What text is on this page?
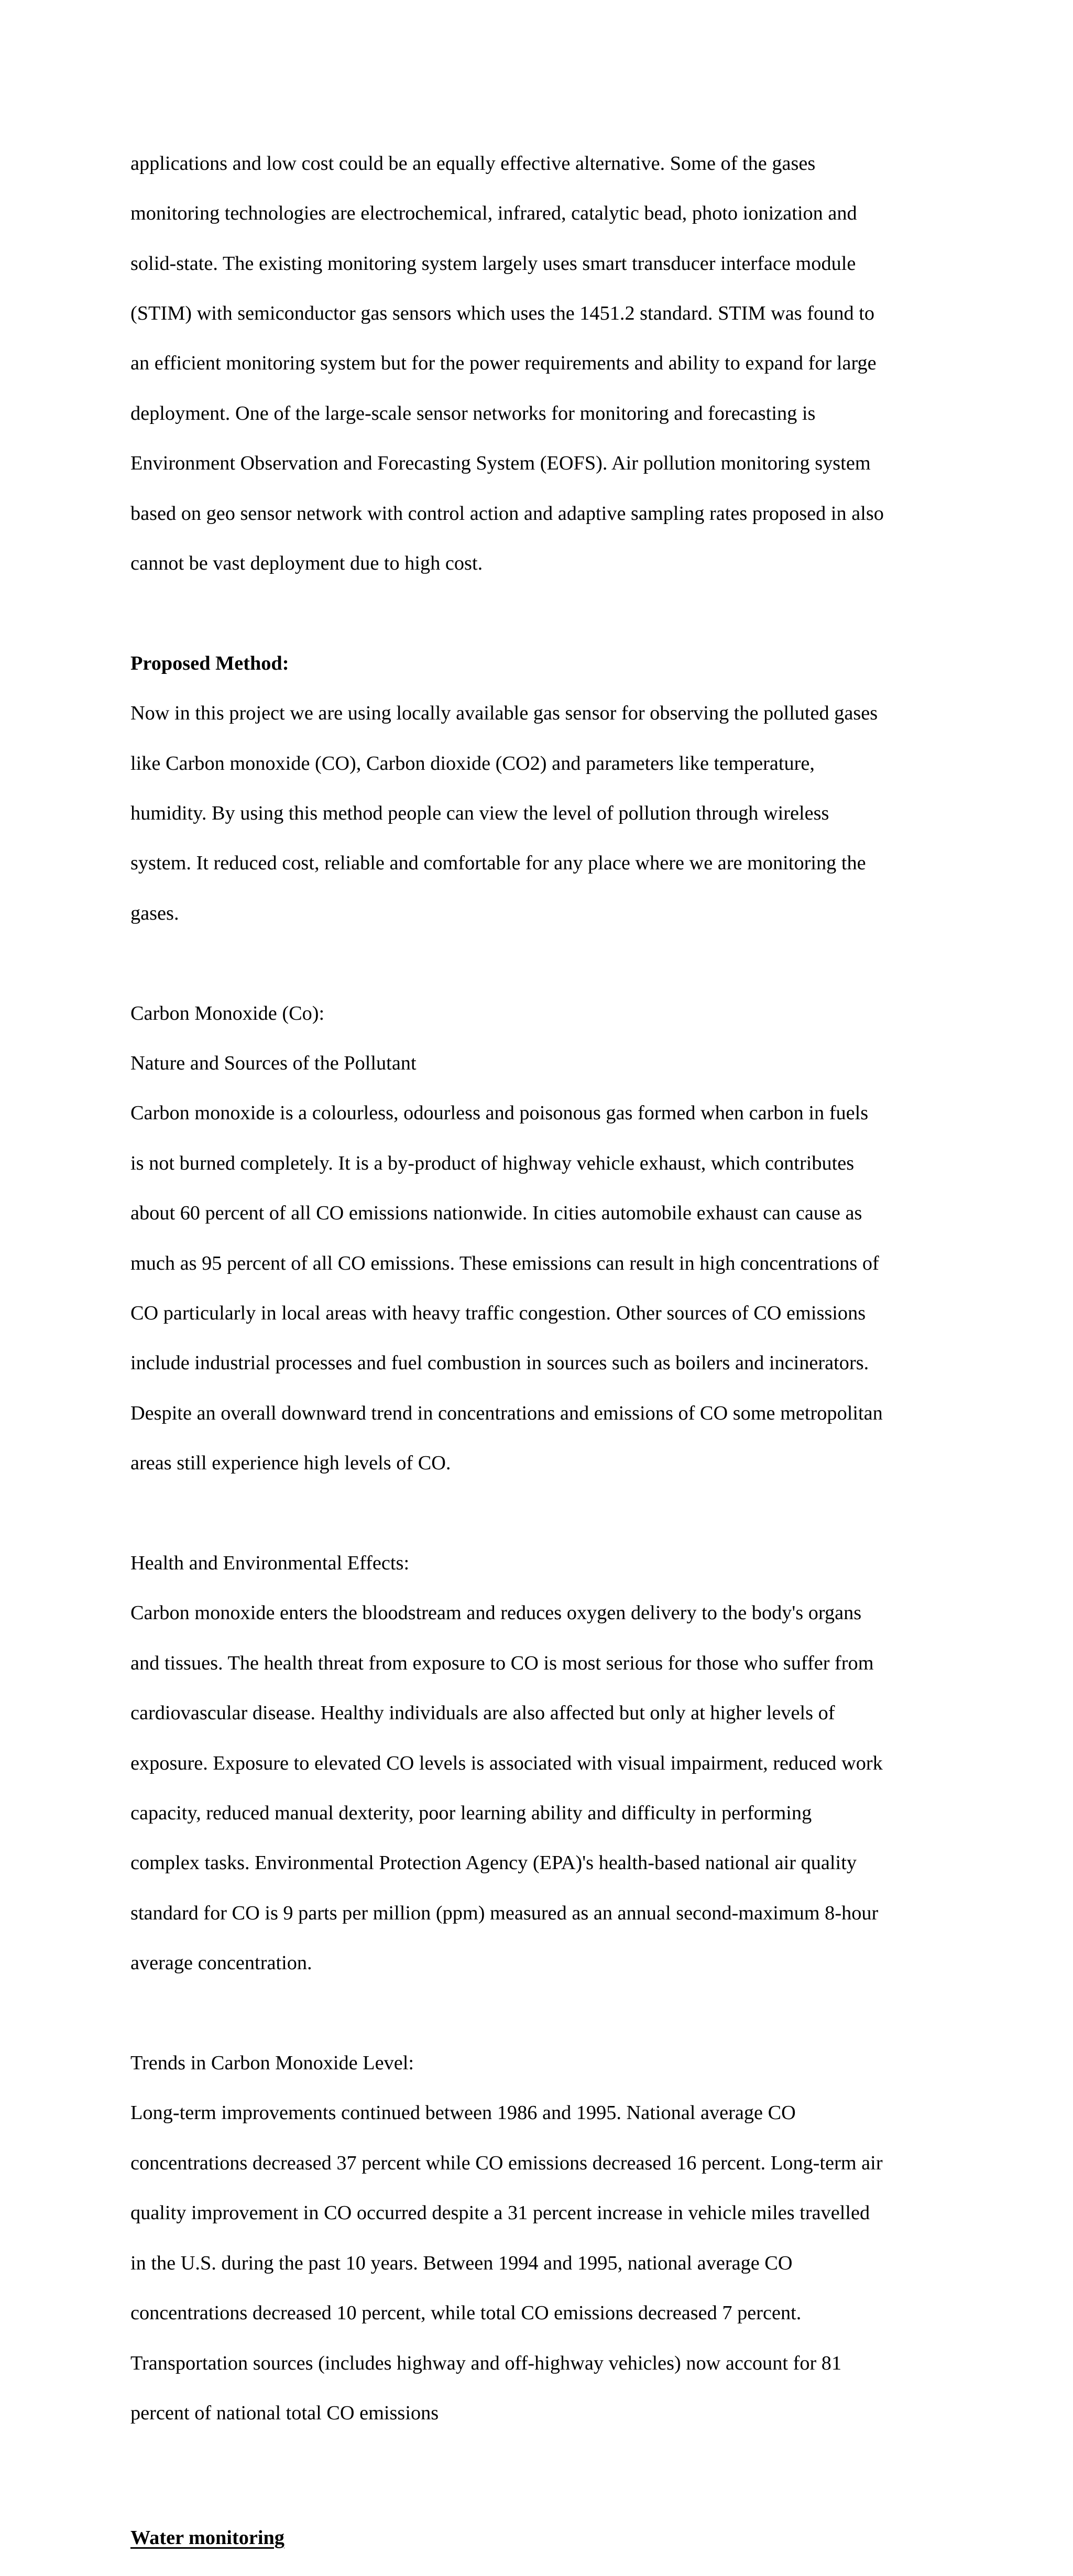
applications and low cost could be an equally effective alternative. Some of the gases

monitoring technologies are electrochemical, infrared, catalytic bead, photo ionization and

solid-state. The existing monitoring system largely uses smart transducer interface module

(STIM) with semiconductor gas sensors which uses the 1451.2 standard. STIM was found to

an efficient monitoring system but for the power requirements and ability to expand for large

deployment. One of the large-scale sensor networks for monitoring and forecasting is

Environment Observation and Forecasting System (EOFS). Air pollution monitoring system

based on geo sensor network with control action and adaptive sampling rates proposed in also

cannot be vast deployment due to high cost.

Proposed Method:

Now in this project we are using locally available gas sensor for observing the polluted gases

like Carbon monoxide (CO), Carbon dioxide (CO2) and parameters like temperature,

humidity. By using this method people can view the level of pollution through wireless

system. It reduced cost, reliable and comfortable for any place where we are monitoring the

gases.

Carbon Monoxide (Co):

Nature and Sources of the Pollutant

Carbon monoxide is a colourless, odourless and poisonous gas formed when carbon in fuels

is not burned completely. It is a by-product of highway vehicle exhaust, which contributes

about 60 percent of all CO emissions nationwide. In cities automobile exhaust can cause as

much as 95 percent of all CO emissions. These emissions can result in high concentrations of

CO particularly in local areas with heavy traffic congestion. Other sources of CO emissions

include industrial processes and fuel combustion in sources such as boilers and incinerators.

Despite an overall downward trend in concentrations and emissions of CO some metropolitan

areas still experience high levels of CO.

Health and Environmental Effects:

Carbon monoxide enters the bloodstream and reduces oxygen delivery to the body's organs

and tissues. The health threat from exposure to CO is most serious for those who suffer from

cardiovascular disease. Healthy individuals are also affected but only at higher levels of

exposure. Exposure to elevated CO levels is associated with visual impairment, reduced work

capacity, reduced manual dexterity, poor learning ability and difficulty in performing

complex tasks. Environmental Protection Agency (EPA)'s health-based national air quality

standard for CO is 9 parts per million (ppm) measured as an annual second-maximum 8-hour

average concentration.

Trends in Carbon Monoxide Level:

Long-term improvements continued between 1986 and 1995. National average CO

concentrations decreased 37 percent while CO emissions decreased 16 percent. Long-term air

quality improvement in CO occurred despite a 31 percent increase in vehicle miles travelled

in the U.S. during the past 10 years. Between 1994 and 1995, national average CO

concentrations decreased 10 percent, while total CO emissions decreased 7 percent.

Transportation sources (includes highway and off-highway vehicles) now account for 81

percent of national total CO emissions

Water monitoring
